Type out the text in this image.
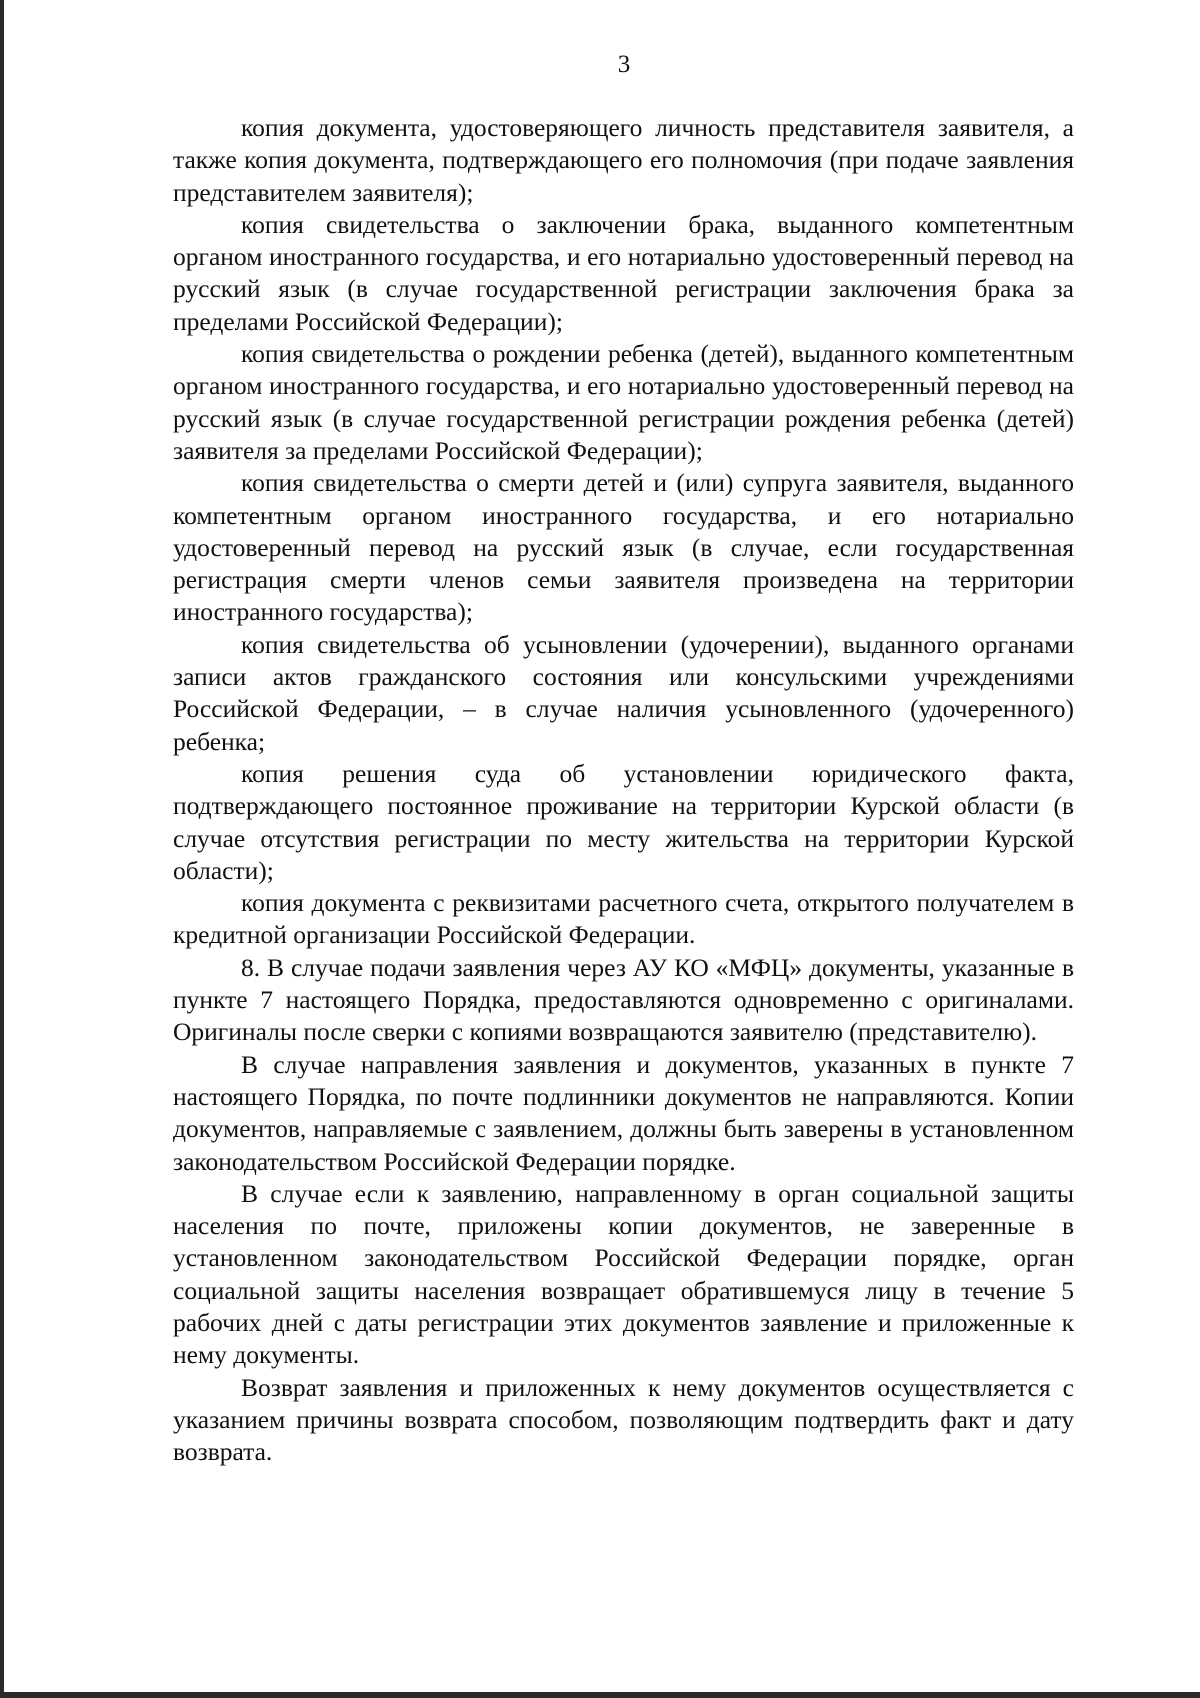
3

копия документа, удостоверяющего личность представителя заявителя, а также копия документа, подтверждающего его полномочия (при подаче заявления представителем заявителя);

копия свидетельства о заключении брака, выданного компетентным органом иностранного государства, и его нотариально удостоверенный перевод на русский язык (в случае государственной регистрации заключения брака за пределами Российской Федерации);

копия свидетельства о рождении ребенка (детей), выданного компетентным органом иностранного государства, и его нотариально удостоверенный перевод на русский язык (в случае государственной регистрации рождения ребенка (детей) заявителя за пределами Российской Федерации);

копия свидетельства о смерти детей и (или) супруга заявителя, выданного компетентным органом иностранного государства, и его нотариально удостоверенный перевод на русский язык (в случае, если государственная регистрация смерти членов семьи заявителя произведена на территории иностранного государства);

копия свидетельства об усыновлении (удочерении), выданного органами записи актов гражданского состояния или консульскими учреждениями Российской Федерации, – в случае наличия усыновленного (удочеренного) ребенка;

копия решения суда об установлении юридического факта, подтверждающего постоянное проживание на территории Курской области (в случае отсутствия регистрации по месту жительства на территории Курской области);

копия документа с реквизитами расчетного счета, открытого получателем в кредитной организации Российской Федерации.

8. В случае подачи заявления через АУ КО «МФЦ» документы, указанные в пункте 7 настоящего Порядка, предоставляются одновременно с оригиналами. Оригиналы после сверки с копиями возвращаются заявителю (представителю).

В случае направления заявления и документов, указанных в пункте 7 настоящего Порядка, по почте подлинники документов не направляются. Копии документов, направляемые с заявлением, должны быть заверены в установленном законодательством Российской Федерации порядке.

В случае если к заявлению, направленному в орган социальной защиты населения по почте, приложены копии документов, не заверенные в установленном законодательством Российской Федерации порядке, орган социальной защиты населения возвращает обратившемуся лицу в течение 5 рабочих дней с даты регистрации этих документов заявление и приложенные к нему документы.

Возврат заявления и приложенных к нему документов осуществляется с указанием причины возврата способом, позволяющим подтвердить факт и дату возврата.
